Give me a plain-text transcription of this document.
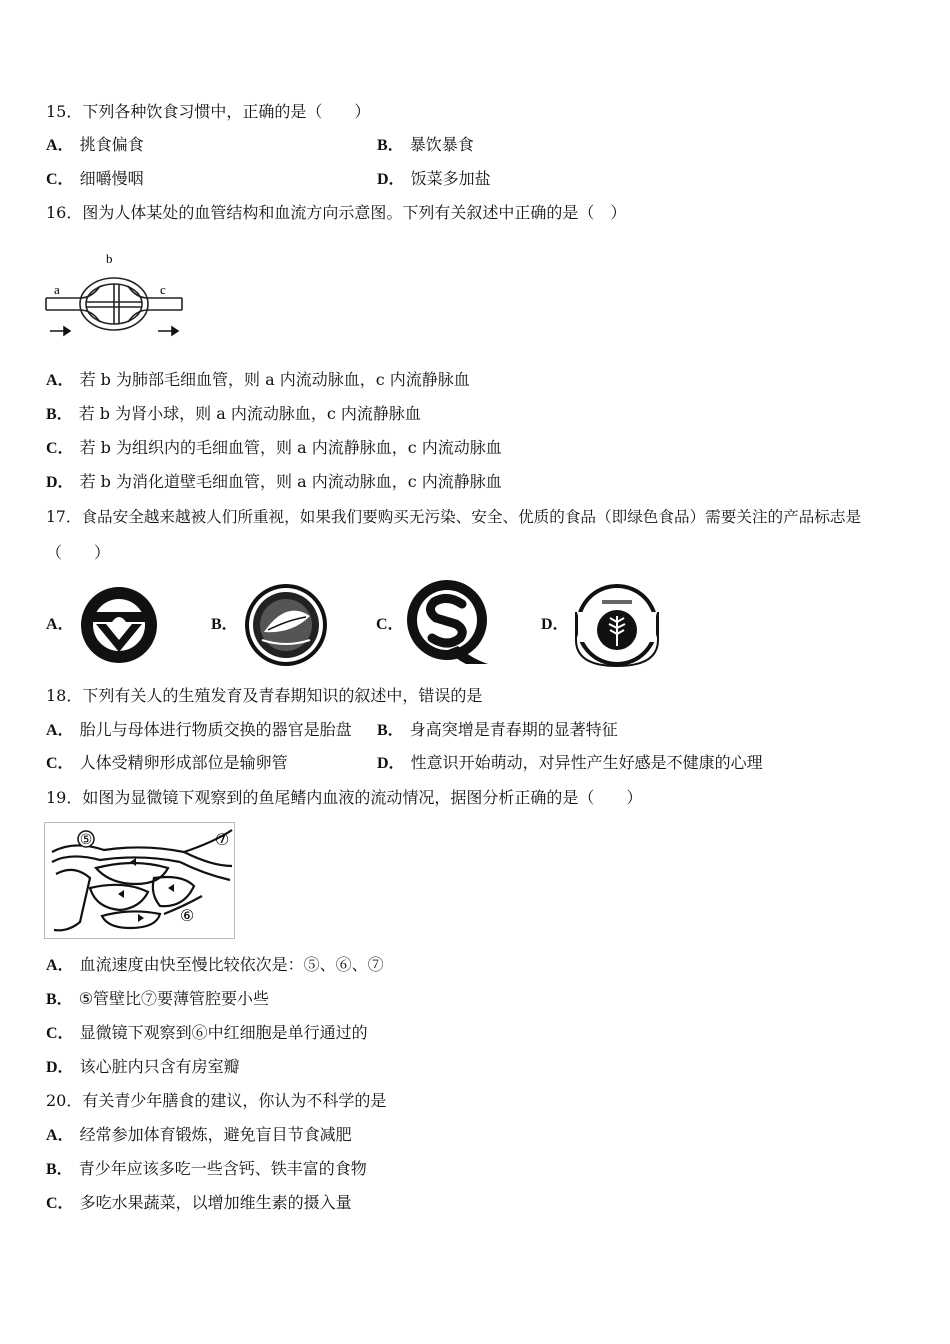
15．下列各种饮食习惯中，正确的是（　　）
A． 挑食偏食	B． 暴饮暴食
C． 细嚼慢咽	D． 饭菜多加盐
16．图为人体某处的血管结构和血流方向示意图。下列有关叙述中正确的是（　）
a
b
c
A． 若 b 为肺部毛细血管，则 a 内流动脉血，c 内流静脉血
B． 若 b 为肾小球，则 a 内流动脉血，c 内流静脉血
C． 若 b 为组织内的毛细血管，则 a 内流静脉血，c 内流动脉血
D． 若 b 为消化道壁毛细血管，则 a 内流动脉血，c 内流静脉血
17．食品安全越来越被人们所重视，如果我们要购买无污染、安全、优质的食品（即绿色食品）需要关注的产品标志是
（　　）
A．	B．	C．	D．
18．下列有关人的生殖发育及青春期知识的叙述中，错误的是
A． 胎儿与母体进行物质交换的器官是胎盘 B． 身高突增是青春期的显著特征
C． 人体受精卵形成部位是输卵管	D． 性意识开始萌动，对异性产生好感是不健康的心理
19．如图为显微镜下观察到的鱼尾鳍内血液的流动情况，据图分析正确的是（　　）
⑤	⑦
⑥
A． 血流速度由快至慢比较依次是：⑤、⑥、⑦
B． ⑤管壁比⑦要薄管腔要小些
C． 显微镜下观察到⑥中红细胞是单行通过的
D． 该心脏内只含有房室瓣
20．有关青少年膳食的建议，你认为不科学的是
A． 经常参加体育锻炼，避免盲目节食减肥
B． 青少年应该多吃一些含钙、铁丰富的食物
C． 多吃水果蔬菜，以增加维生素的摄入量
